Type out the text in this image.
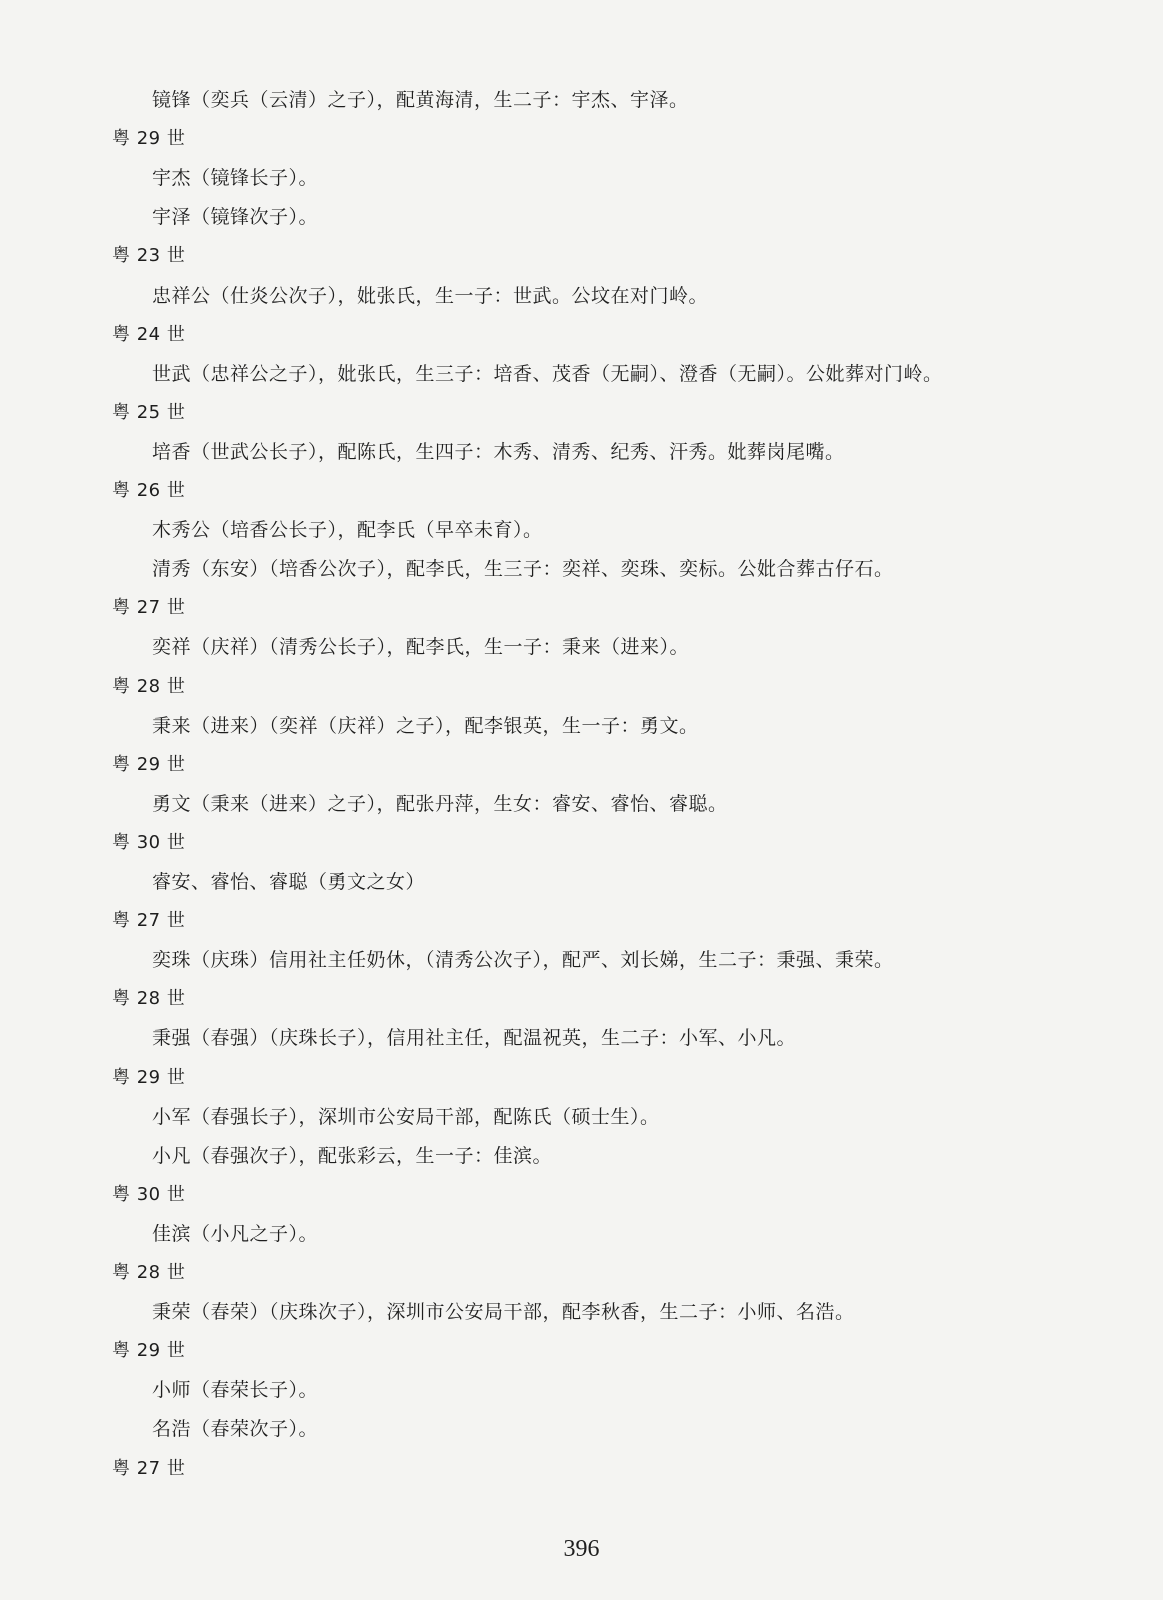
镜锋（奕兵（云清）之子），配黄海清，生二子：宇杰、宇泽。
粤 29 世
宇杰（镜锋长子）。
宇泽（镜锋次子）。
粤 23 世
忠祥公（仕炎公次子），妣张氏，生一子：世武。公坟在对门岭。
粤 24 世
世武（忠祥公之子），妣张氏，生三子：培香、茂香（无嗣）、澄香（无嗣）。公妣葬对门岭。
粤 25 世
培香（世武公长子），配陈氏，生四子：木秀、清秀、纪秀、汗秀。妣葬岗尾嘴。
粤 26 世
木秀公（培香公长子），配李氏（早卒未育）。
清秀（东安）（培香公次子），配李氏，生三子：奕祥、奕珠、奕标。公妣合葬古仔石。
粤 27 世
奕祥（庆祥）（清秀公长子），配李氏，生一子：秉来（进来）。
粤 28 世
秉来（进来）（奕祥（庆祥）之子），配李银英，生一子：勇文。
粤 29 世
勇文（秉来（进来）之子），配张丹萍，生女：睿安、睿怡、睿聪。
粤 30 世
睿安、睿怡、睿聪（勇文之女）
粤 27 世
奕珠（庆珠）信用社主任奶休，（清秀公次子），配严、刘长娣，生二子：秉强、秉荣。
粤 28 世
秉强（春强）（庆珠长子），信用社主任，配温祝英，生二子：小军、小凡。
粤 29 世
小军（春强长子），深圳市公安局干部，配陈氏（硕士生）。
小凡（春强次子），配张彩云，生一子：佳滨。
粤 30 世
佳滨（小凡之子）。
粤 28 世
秉荣（春荣）（庆珠次子），深圳市公安局干部，配李秋香，生二子：小师、名浩。
粤 29 世
小师（春荣长子）。
名浩（春荣次子）。
粤 27 世
396
